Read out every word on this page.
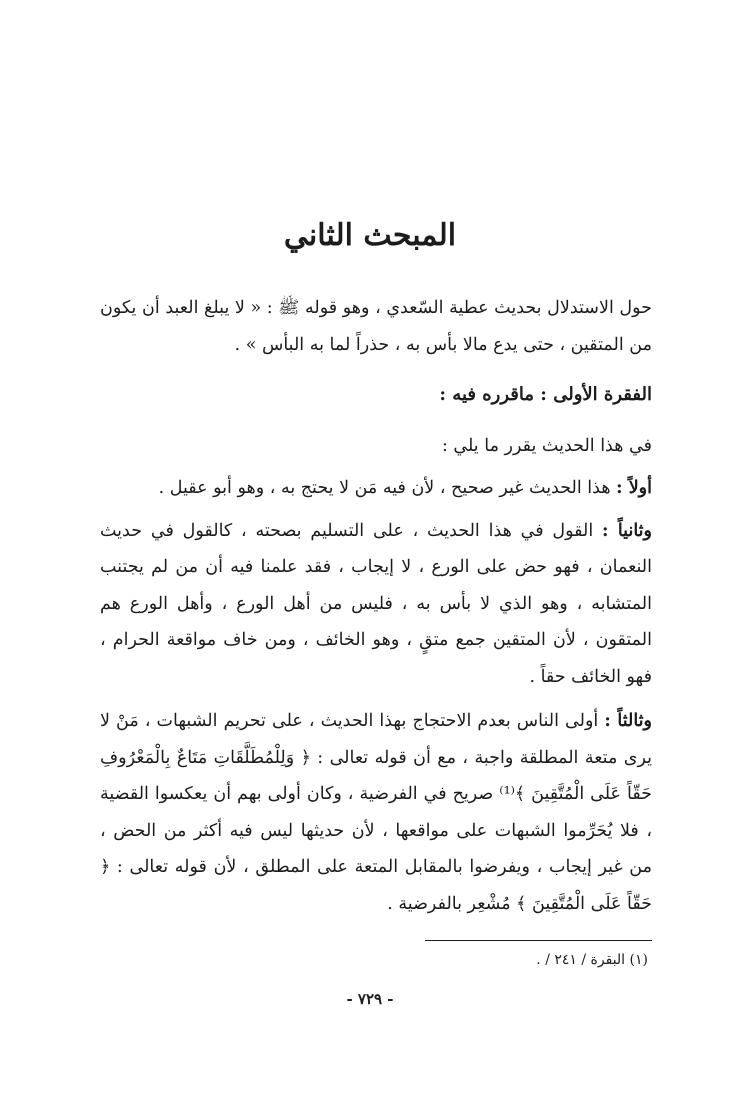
المبحث الثاني

حول الاستدلال بحديث عطية السّعدي ، وهو قوله ﷺ : « لا يبلغ العبد أن يكون من المتقين ، حتى يدع مالا بأس به ، حذراً لما به البأس » .

الفقرة الأولى : ماقرره فيه :

في هذا الحديث يقرر ما يلي :

أولاً : هذا الحديث غير صحيح ، لأن فيه مَن لا يحتج به ، وهو أبو عقيل .

وثانياً : القول في هذا الحديث ، على التسليم بصحته ، كالقول في حديث النعمان ، فهو حض على الورع ، لا إيجاب ، فقد علمنا فيه أن من لم يجتنب المتشابه ، وهو الذي لا بأس به ، فليس من أهل الورع ، وأهل الورع هم المتقون ، لأن المتقين جمع متقٍ ، وهو الخائف ، ومن خاف مواقعة الحرام ، فهو الخائف حقاً .

وثالثاً : أولى الناس بعدم الاحتجاج بهذا الحديث ، على تحريم الشبهات ، مَنْ لا يرى متعة المطلقة واجبة ، مع أن قوله تعالى : ﴿ وَلِلْمُطَلَّقَاتِ مَتَاعٌ بِالْمَعْرُوفِ حَقّاً عَلَى الْمُتَّقِينَ ﴾⁽¹⁾ صريح في الفرضية ، وكان أولى بهم أن يعكسوا القضية ، فلا يُحَرِّموا الشبهات على مواقعها ، لأن حديثها ليس فيه أكثر من الحض ، من غير إيجاب ، ويفرضوا بالمقابل المتعة على المطلق ، لأن قوله تعالى : ﴿ حَقّاً عَلَى الْمُتَّقِينَ ﴾ مُشْعِر بالفرضية .

(١) البقرة / ٢٤١ / .
- ٧٢٩ -
